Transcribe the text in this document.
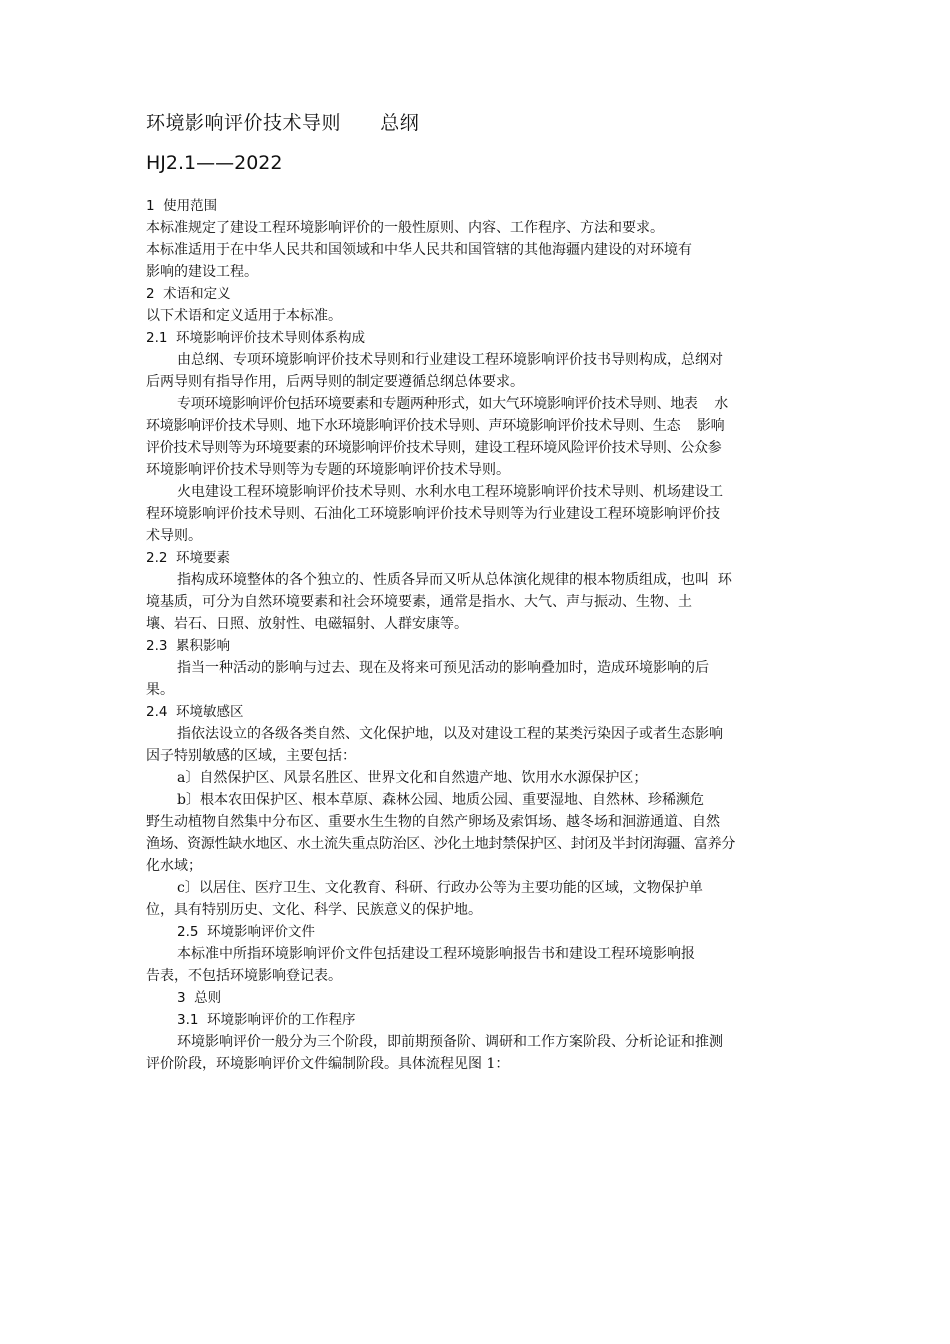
环境影响评价技术导则      总纲
HJ2.1——2022

1  使用范围

本标准规定了建设工程环境影响评价的一般性原则、内容、工作程序、方法和要求。

本标准适用于在中华人民共和国领域和中华人民共和国管辖的其他海疆内建设的对环境有

影响的建设工程。

2  术语和定义

以下术语和定义适用于本标准。

2.1  环境影响评价技术导则体系构成

由总纲、专项环境影响评价技术导则和行业建设工程环境影响评价技书导则构成，总纲对

后两导则有指导作用，后两导则的制定要遵循总纲总体要求。

专项环境影响评价包括环境要素和专题两种形式，如大气环境影响评价技术导则、地表    水

环境影响评价技术导则、地下水环境影响评价技术导则、声环境影响评价技术导则、生态    影响

评价技术导则等为环境要素的环境影响评价技术导则，建设工程环境风险评价技术导则、公众参

环境影响评价技术导则等为专题的环境影响评价技术导则。

火电建设工程环境影响评价技术导则、水利水电工程环境影响评价技术导则、机场建设工

程环境影响评价技术导则、石油化工环境影响评价技术导则等为行业建设工程环境影响评价技

术导则。

2.2  环境要素

指构成环境整体的各个独立的、性质各异而又听从总体演化规律的根本物质组成，也叫  环

境基质，可分为自然环境要素和社会环境要素，通常是指水、大气、声与振动、生物、土

壤、岩石、日照、放射性、电磁辐射、人群安康等。

2.3  累积影响

指当一种活动的影响与过去、现在及将来可预见活动的影响叠加时，造成环境影响的后

果。

2.4  环境敏感区

指依法设立的各级各类自然、文化保护地，以及对建设工程的某类污染因子或者生态影响

因子特别敏感的区域，主要包括：

a〕自然保护区、风景名胜区、世界文化和自然遗产地、饮用水水源保护区；

b〕根本农田保护区、根本草原、森林公园、地质公园、重要湿地、自然林、珍稀濒危

野生动植物自然集中分布区、重要水生生物的自然产卵场及索饵场、越冬场和洄游通道、自然

渔场、资源性缺水地区、水土流失重点防治区、沙化土地封禁保护区、封闭及半封闭海疆、富养分

化水域；

c〕以居住、医疗卫生、文化教育、科研、行政办公等为主要功能的区域，文物保护单

位，具有特别历史、文化、科学、民族意义的保护地。

2.5  环境影响评价文件

本标准中所指环境影响评价文件包括建设工程环境影响报告书和建设工程环境影响报

告表，不包括环境影响登记表。

3  总则

3.1  环境影响评价的工作程序

环境影响评价一般分为三个阶段，即前期预备阶、调研和工作方案阶段、分析论证和推测

评价阶段，环境影响评价文件编制阶段。具体流程见图 1：
